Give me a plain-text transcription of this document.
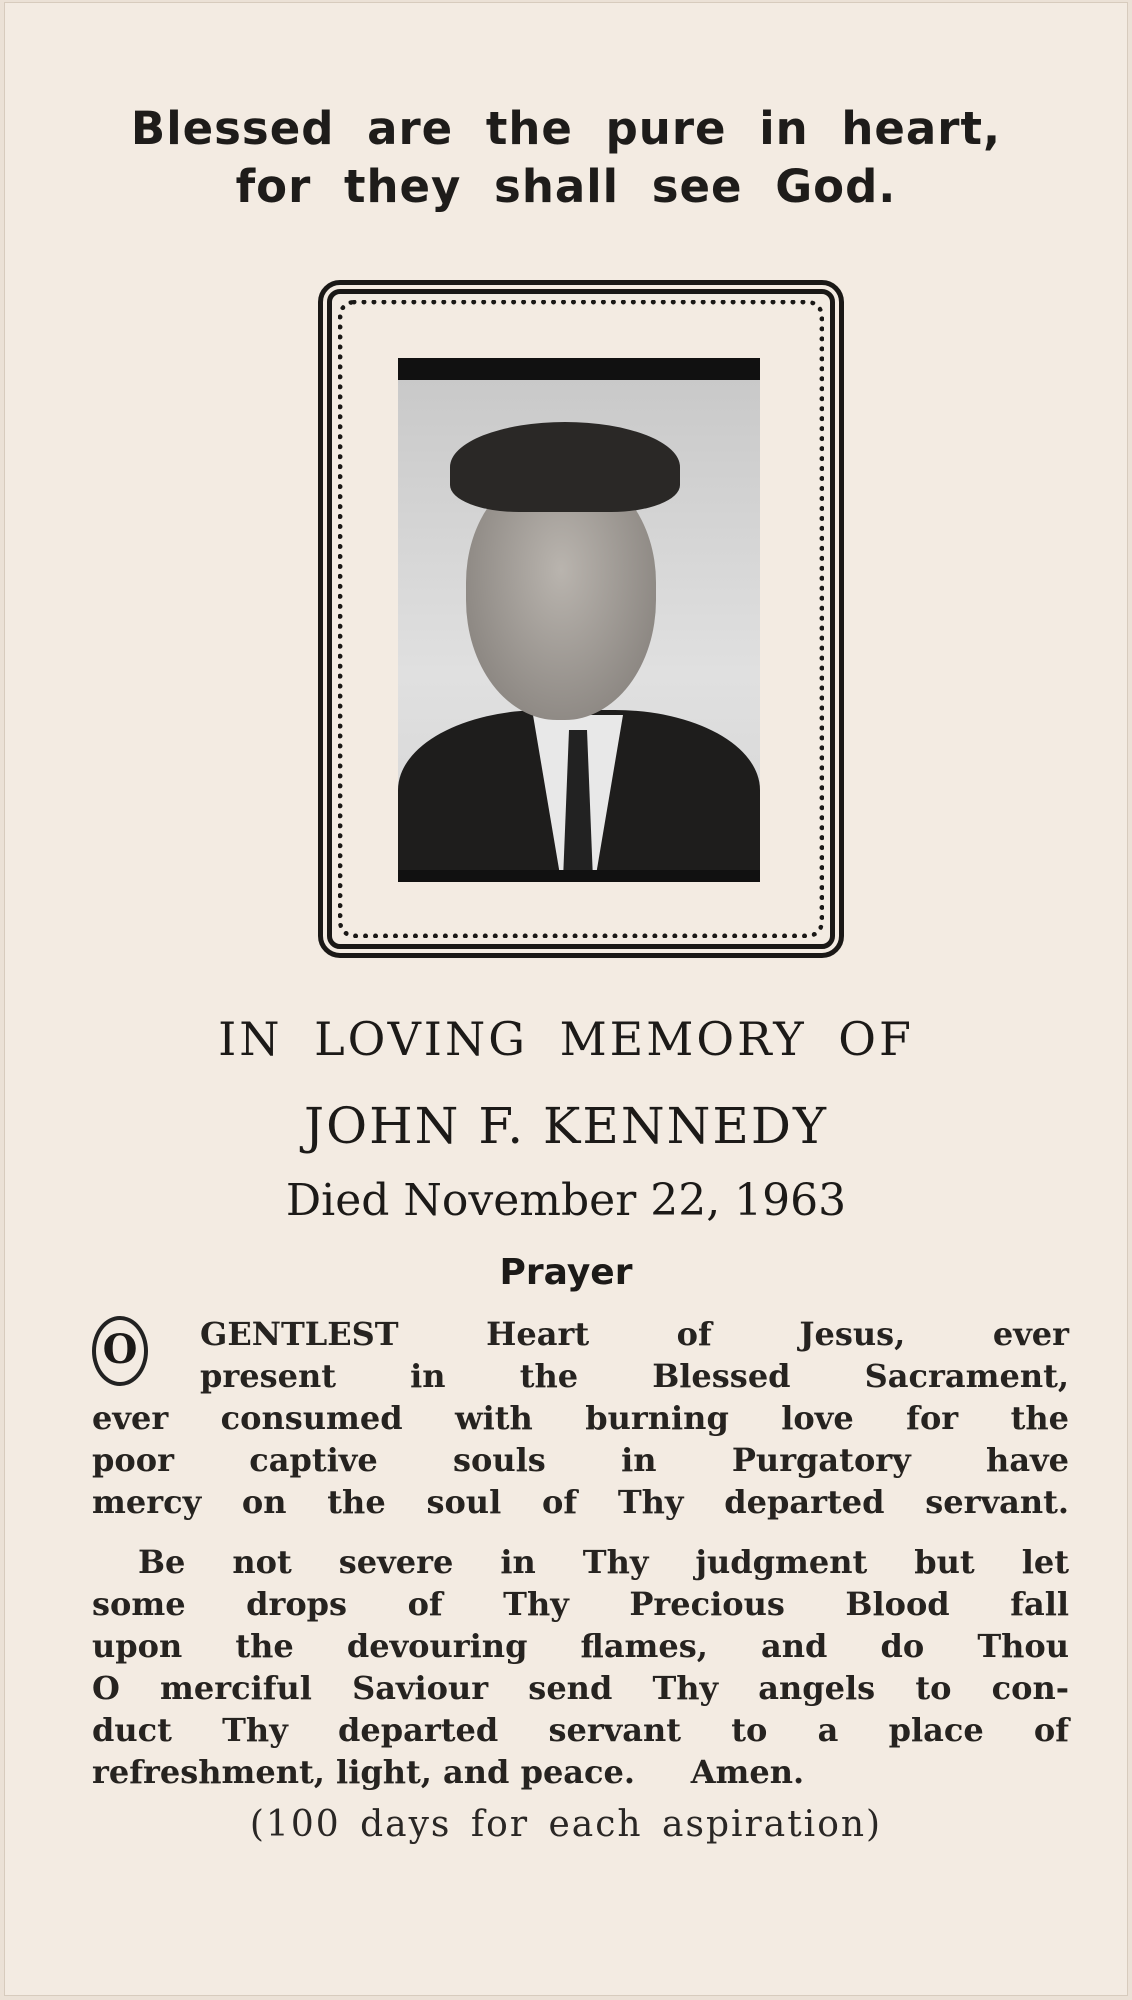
Blessed are the pure in heart,
for they shall see God.
IN LOVING MEMORY OF
JOHN F. KENNEDY
Died November 22, 1963
Prayer
O	GENTLEST Heart of Jesus, ever
present in the Blessed Sacrament,
ever consumed with burning love for the
poor captive souls in Purgatory have
mercy on the soul of Thy departed servant.
Be not severe in Thy judgment but let
some drops of Thy Precious Blood fall
upon the devouring flames, and do Thou
O merciful Saviour send Thy angels to con-
duct Thy departed servant to a place of
refreshment, light, and peace.     Amen.
(100 days for each aspiration)
